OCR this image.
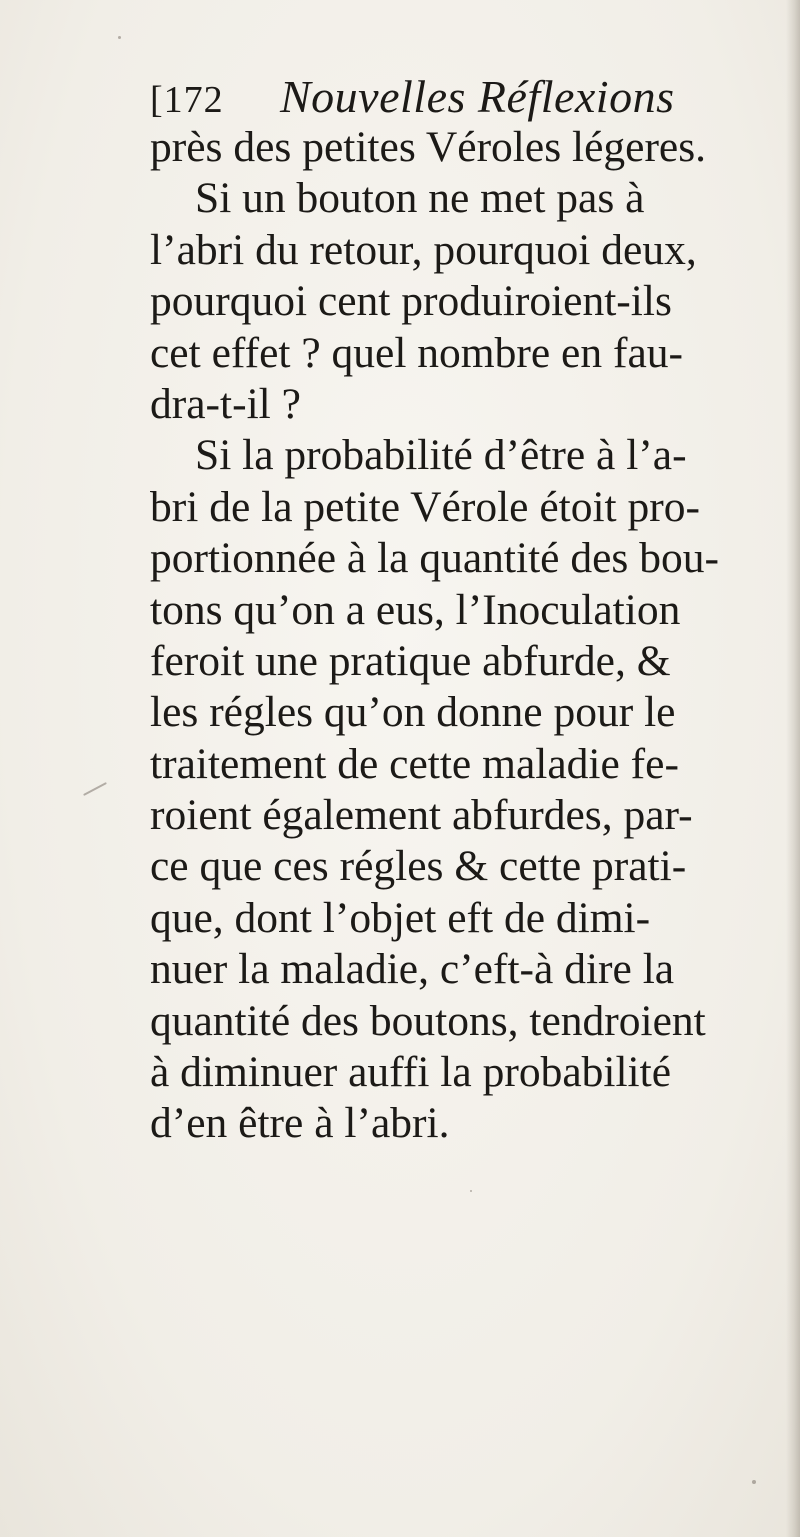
[172 Nouvelles Réflexions
près des petites Véroles légeres.
Si un bouton ne met pas à
l’abri du retour, pourquoi deux,
pourquoi cent produiroient-ils
cet effet ? quel nombre en fau-
dra-t-il ?
Si la probabilité d’être à l’a-
bri de la petite Vérole étoit pro-
portionnée à la quantité des bou-
tons qu’on a eus, l’Inoculation
feroit une pratique abfurde, &
les régles qu’on donne pour le
traitement de cette maladie fe-
roient également abfurdes, par-
ce que ces régles & cette prati-
que, dont l’objet eft de dimi-
nuer la maladie, c’eft-à dire la
quantité des boutons, tendroient
à diminuer auffi la probabilité
d’en être à l’abri.
